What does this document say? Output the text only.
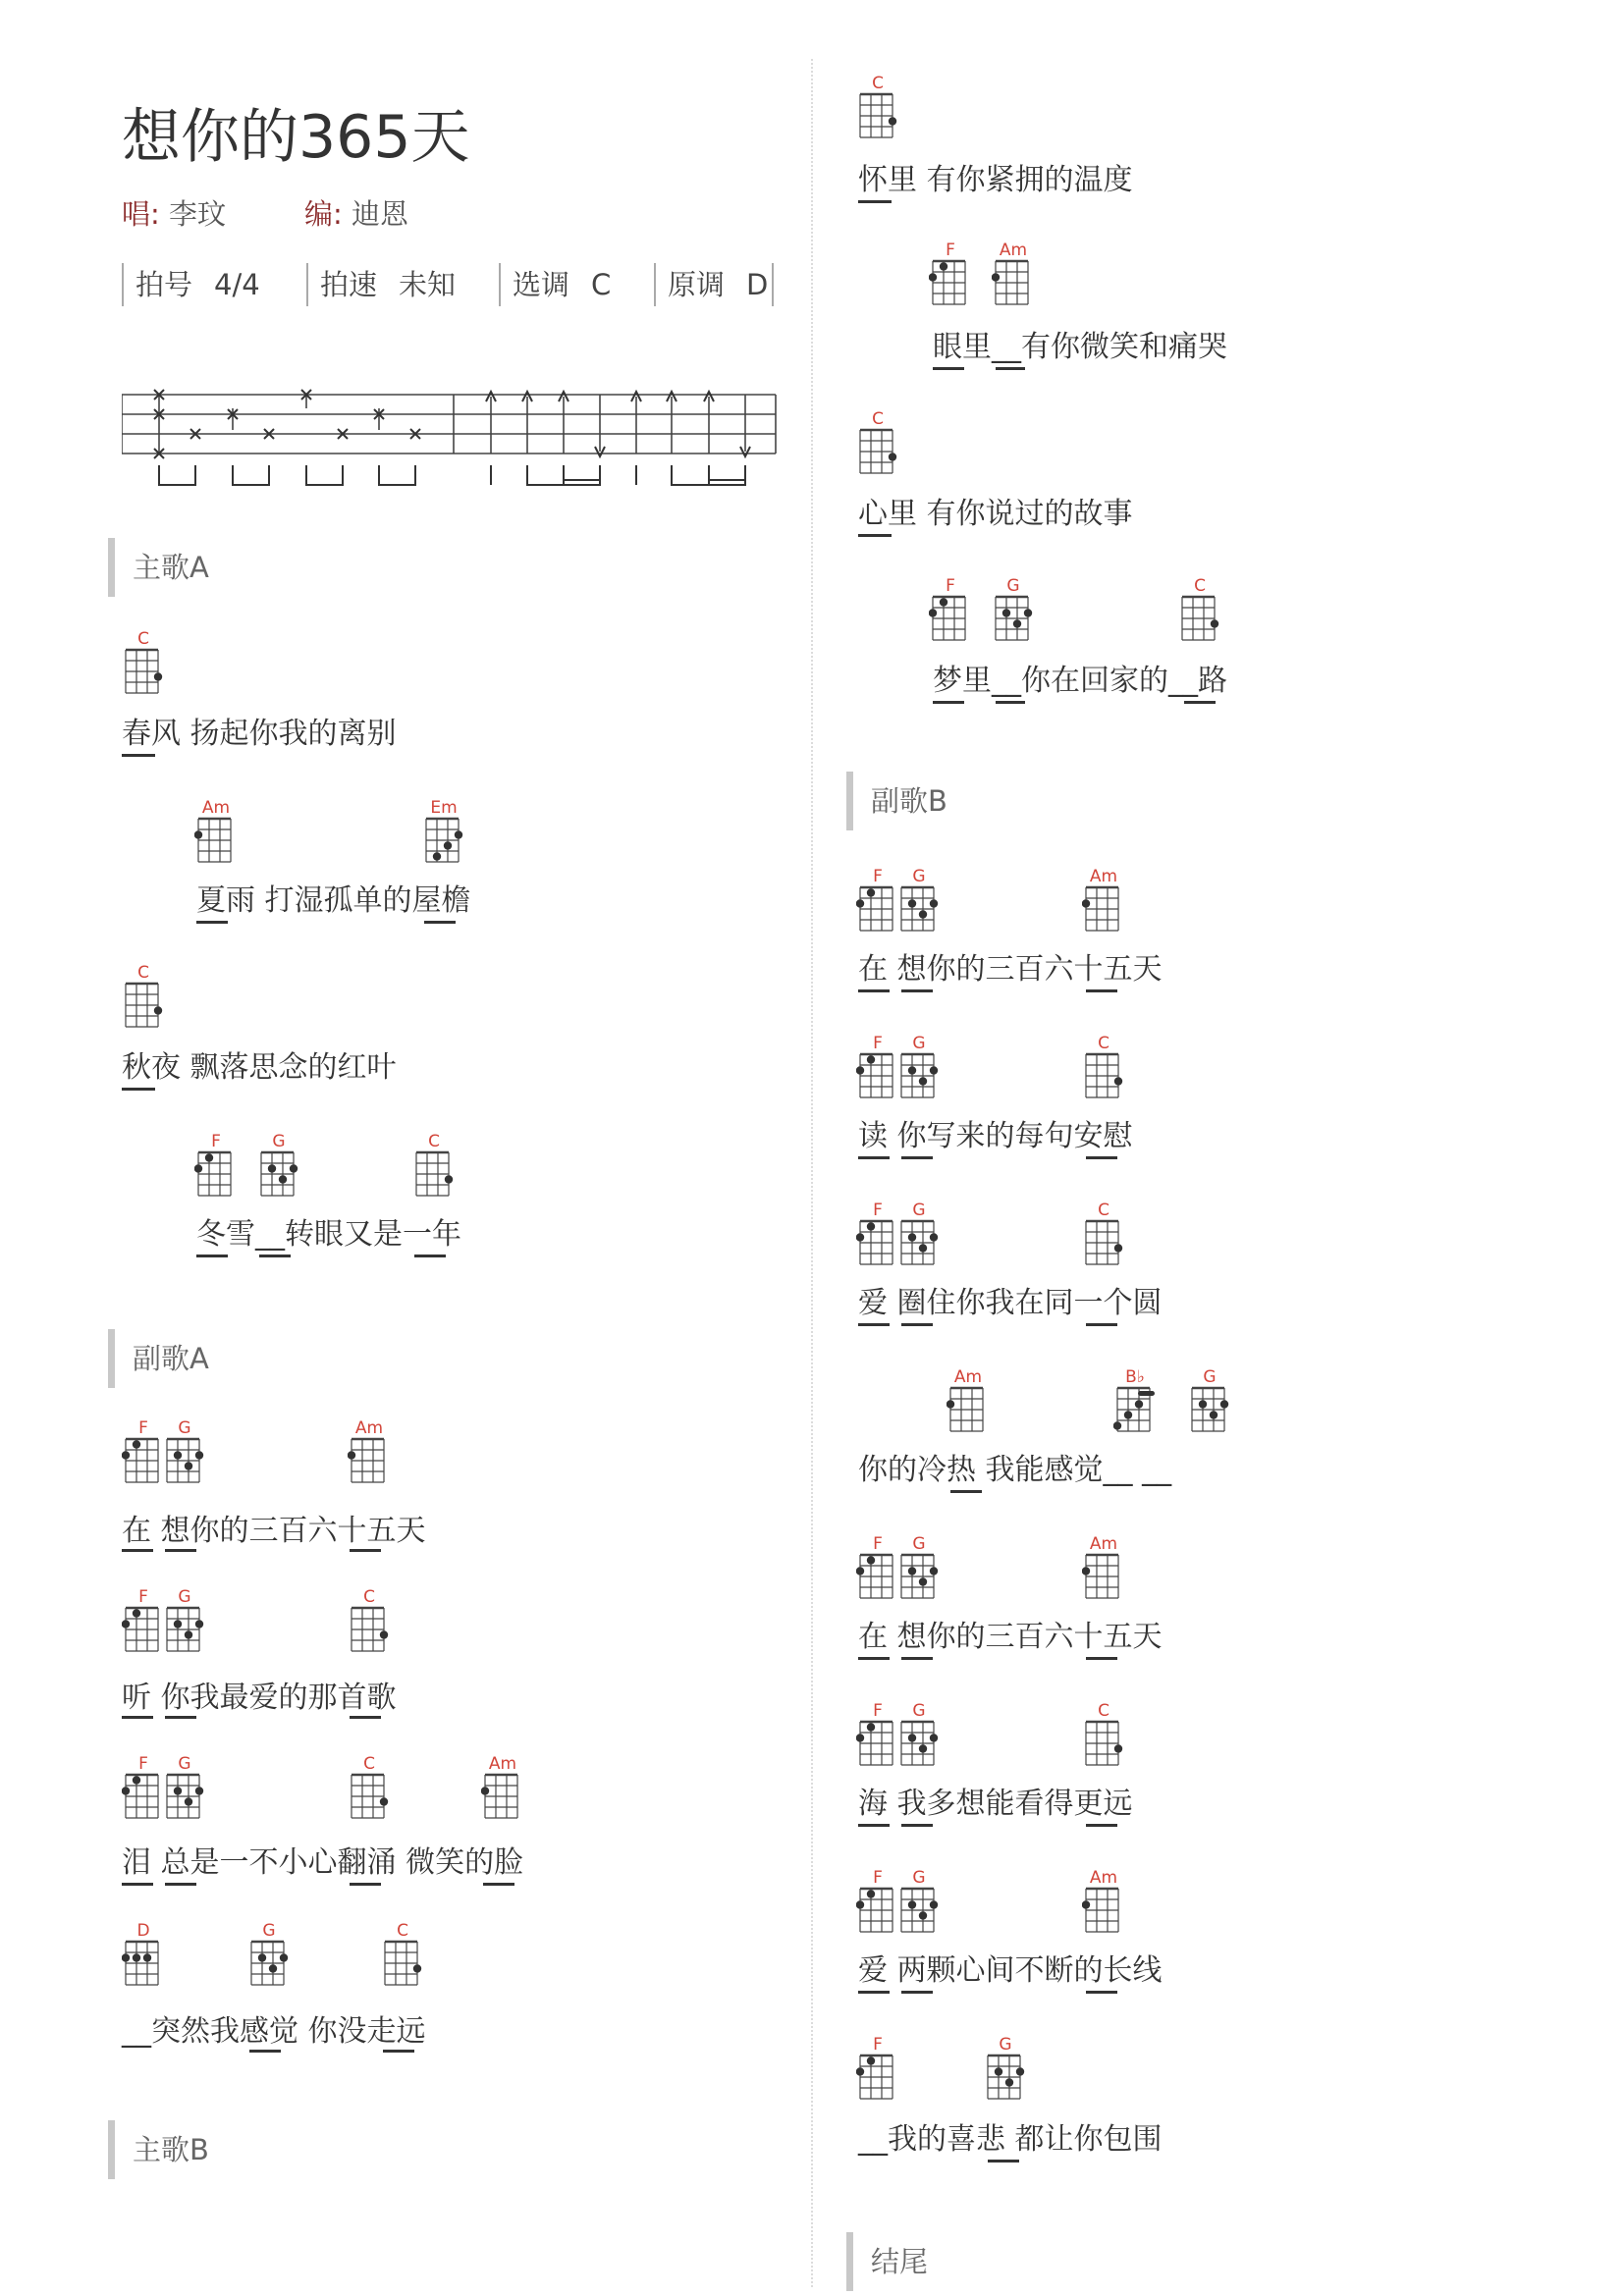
想你的365天
唱: 李玟	编: 迪恩
拍号 4/4	拍速 未知	选调 C	原调 D
主歌A
C
春风 扬起你我的离别
Am	Em
夏雨 打湿孤单的屋檐
C
秋夜 飘落思念的红叶
F	G	C
冬雪__转眼又是一年
副歌A
F	G	Am
在 想你的三百六十五天
F	G	C
听 你我最爱的那首歌
F	G	C	Am
泪 总是一不小心翻涌 微笑的脸
D	G	C
__突然我感觉 你没走远
主歌B
C
怀里 有你紧拥的温度
F	Am
眼里__有你微笑和痛哭
C
心里 有你说过的故事
F	G	C
梦里__你在回家的__路
副歌B
F	G	Am
在 想你的三百六十五天
F	G	C
读 你写来的每句安慰
F	G	C
爱 圈住你我在同一个圆
Am	B♭	G
你的冷热 我能感觉__ __
F	G	Am
在 想你的三百六十五天
F	G	C
海 我多想能看得更远
F	G	Am
爱 两颗心间不断的长线
F	G
__我的喜悲 都让你包围
结尾
